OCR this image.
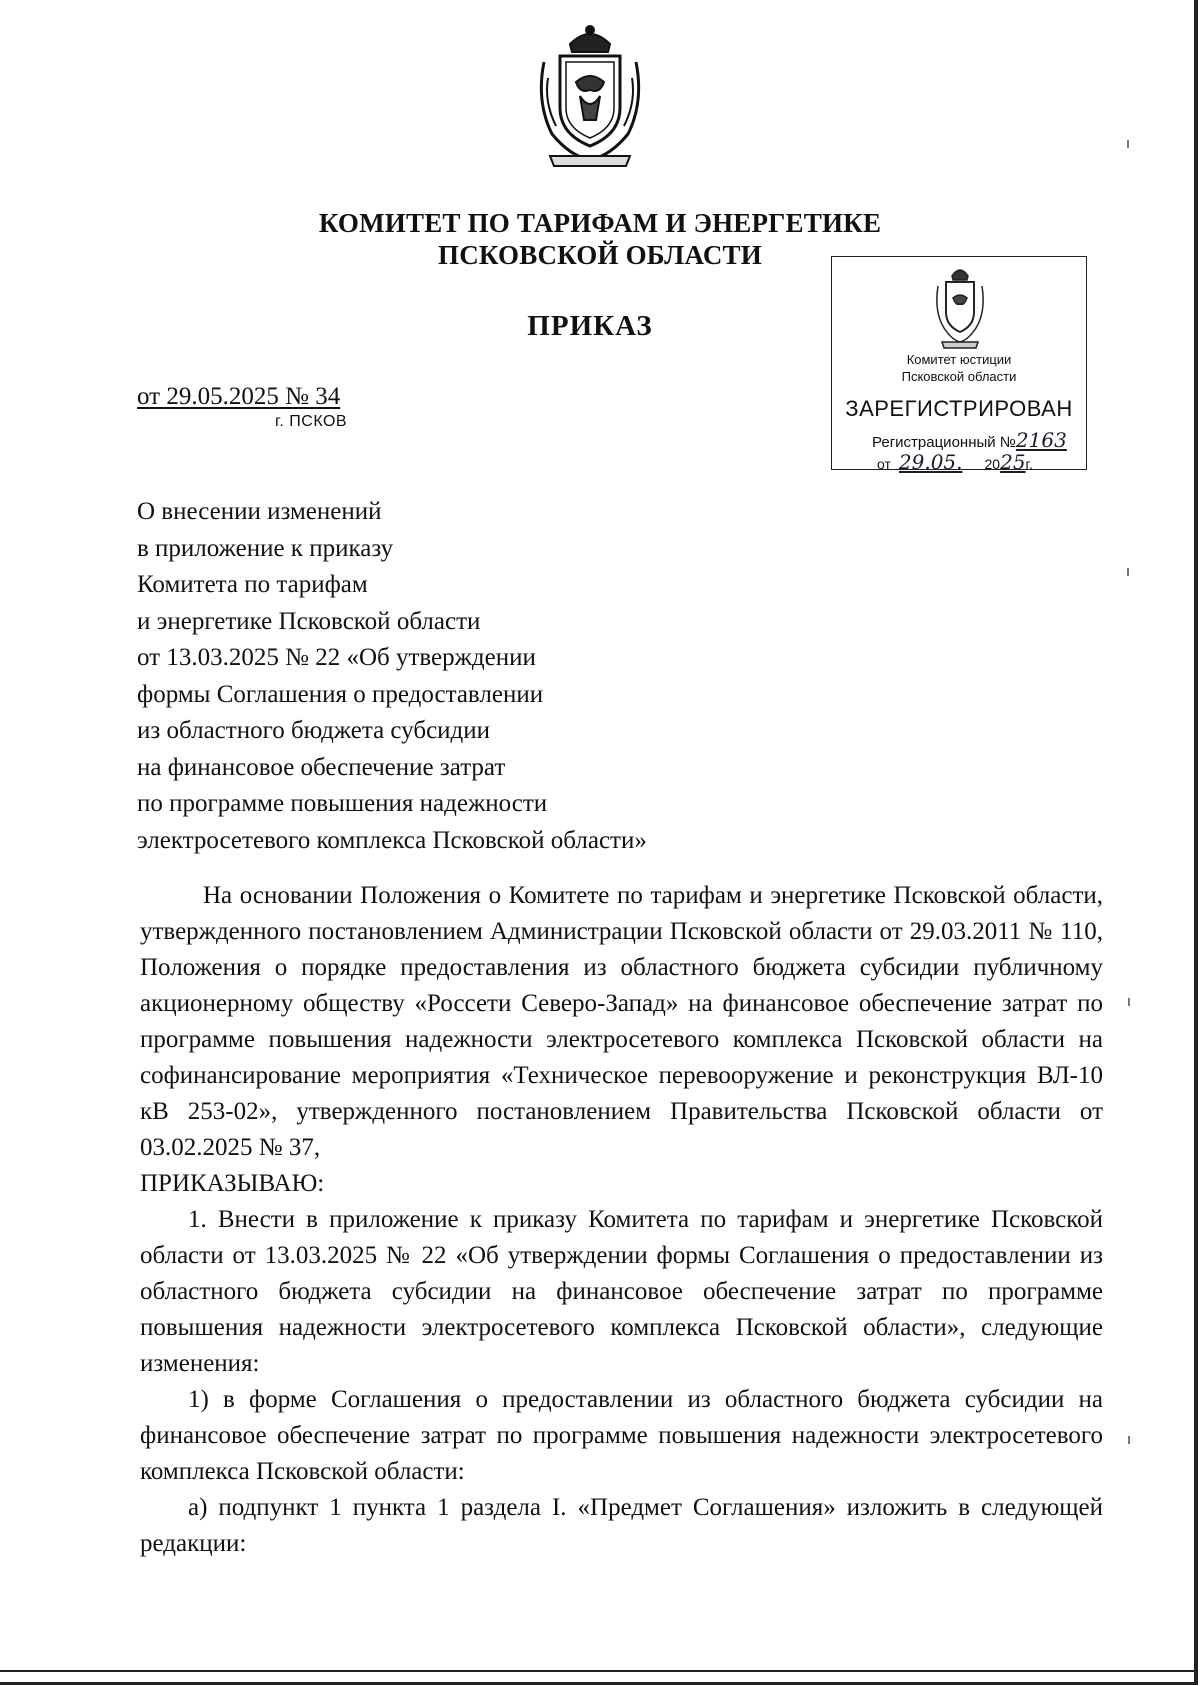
КОМИТЕТ ПО ТАРИФАМ И ЭНЕРГЕТИКЕ
ПСКОВСКОЙ ОБЛАСТИ
ПРИКАЗ
от 29.05.2025 № 34
г. ПСКОВ
Комитет юстиции
Псковской области
ЗАРЕГИСТРИРОВАН
Регистрационный №2163
от 29.05. 2025г.
О внесении изменений
в приложение к приказу
Комитета по тарифам
и энергетике Псковской области
от 13.03.2025 № 22 «Об утверждении
формы Соглашения о предоставлении
из областного бюджета субсидии
на финансовое обеспечение затрат
по программе повышения надежности
электросетевого комплекса Псковской области»

На основании Положения о Комитете по тарифам и энергетике Псковской области, утвержденного постановлением Администрации Псковской области от 29.03.2011 № 110, Положения о порядке предоставления из областного бюджета субсидии публичному акционерному обществу «Россети Северо-Запад» на финансовое обеспечение затрат по программе повышения надежности электросетевого комплекса Псковской области на софинансирование мероприятия «Техническое перевооружение и реконструкция ВЛ-10 кВ 253-02», утвержденного постановлением Правительства Псковской области от 03.02.2025 № 37,

ПРИКАЗЫВАЮ:

1. Внести в приложение к приказу Комитета по тарифам и энергетике Псковской области от 13.03.2025 № 22 «Об утверждении формы Соглашения о предоставлении из областного бюджета субсидии на финансовое обеспечение затрат по программе повышения надежности электросетевого комплекса Псковской области», следующие изменения:

1) в форме Соглашения о предоставлении из областного бюджета субсидии на финансовое обеспечение затрат по программе повышения надежности электросетевого комплекса Псковской области:

а) подпункт 1 пункта 1 раздела I. «Предмет Соглашения» изложить в следующей редакции:
